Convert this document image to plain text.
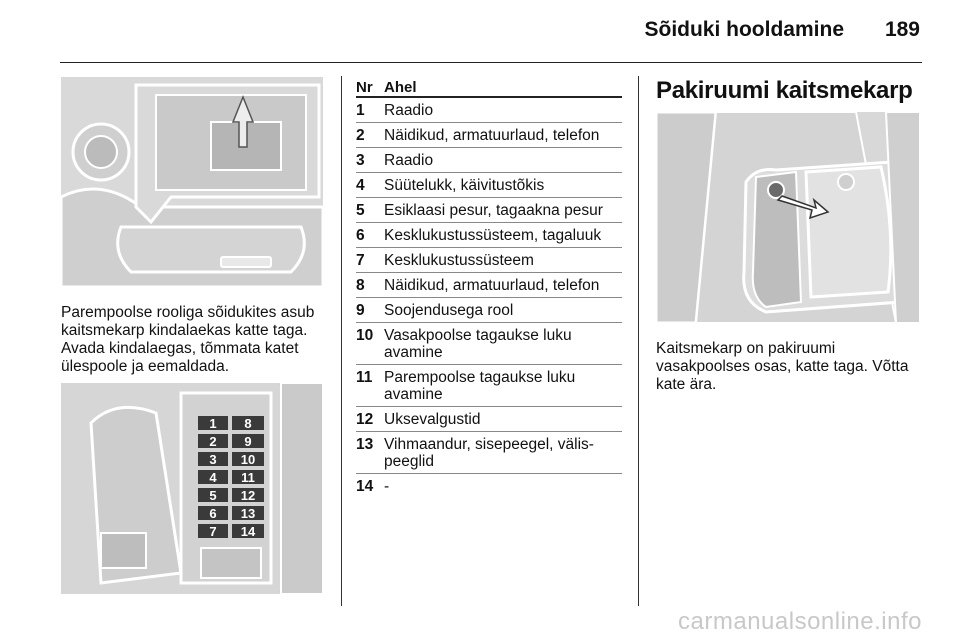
Sõiduki hooldamine 189
Parempoolse rooliga sõidukites asub kaitsmekarp kindalaekas katte taga. Avada kindalaegas, tõmmata katet ülespoole ja eemaldada.
1 8
2 9
3 10
4 11
5 12
6 13
7 14
Nr Ahel
1	Raadio
2	Näidikud, armatuurlaud, telefon
3	Raadio
4	Süütelukk, käivitustõkis
5	Esiklaasi pesur, tagaakna pesur
6	Kesklukustussüsteem, tagaluuk
7	Kesklukustussüsteem
8	Näidikud, armatuurlaud, telefon
9	Soojendusega rool
10 Vasakpoolse tagaukse luku avamine
11 Parempoolse tagaukse luku avamine
12 Uksevalgustid
13 Vihmaandur, sisepeegel, välis-peeglid
14 -
Pakiruumi kaitsmekarp
Kaitsmekarp on pakiruumi vasakpoolses osas, katte taga. Võtta kate ära.
carmanualsonline.info
